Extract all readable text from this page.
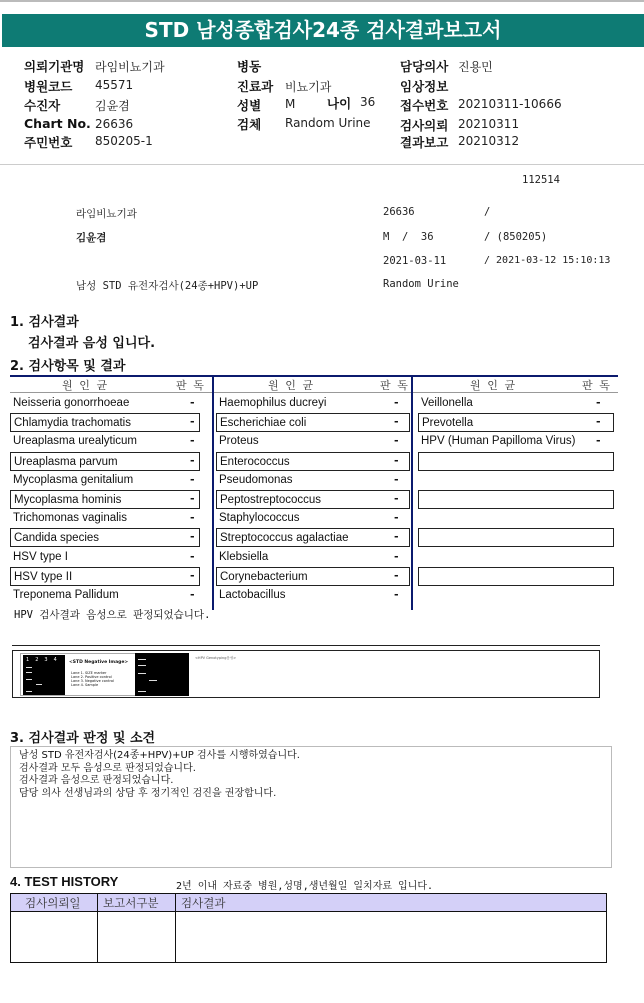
STD 남성종합검사24종 검사결과보고서
의뢰기관명 라임비뇨기과
병원코드 45571
수진자	김윤겸
Chart No. 26636
주민번호 850205-1
병동
진료과 비뇨기과
성별 M
검체 Random Urine
담당의사 진용민
임상정보
접수번호 20210311-10666
검사의뢰 20210311
결과보고 20210312
나이 36
112514
라임비뇨기과	26636	/
김윤겸	M  /  36	/ (850205)
2021-03-11	/ 2021-03-12 15:10:13
남성 STD 유전자검사(24종+HPV)+UP	Random Urine
1. 검사결과
검사결과 음성 입니다.
2. 검사항목 및 결과
원 인 균	판 독
Neisseria gonorrhoeae	-
Chlamydia trachomatis	-
Ureaplasma urealyticum	-
Ureaplasma parvum	-
Mycoplasma genitalium	-
Mycoplasma hominis	-
Trichomonas vaginalis	-
Candida species	-
HSV type I	-
HSV type II	-
Treponema Pallidum	-
원 인 균	판 독
Haemophilus ducreyi	-
Escherichiae coli	-
Proteus	-
Enterococcus	-
Pseudomonas	-
Peptostreptococcus	-
Staphylococcus	-
Streptococcus agalactiae	-
Klebsiella	-
Corynebacterium	-
Lactobacillus	-
원 인 균	판 독
Veillonella	-
Prevotella	-
HPV (Human Papilloma Virus)	-
HPV 검사결과 음성으로 판정되었습니다.
1 2 3 4	<STD Negative Image>
Lane 1. SIZE marker
Lane 2. Positive control
Lane 3. Negative control
Lane 4. Sample
<HPV Genotyping음성>
3. 검사결과 판정 및 소견
남성 STD 유전자검사(24종+HPV)+UP 검사를 시행하였습니다.
검사결과 모두 음성으로 판정되었습니다.
검사결과 음성으로 판정되었습니다.
담당 의사 선생님과의 상담 후 정기적인 검진을 권장합니다.
4. TEST HISTORY	2년 이내 자료중 병원,성명,생년월일 일치자료 입니다.
검사의뢰일 보고서구분 검사결과
